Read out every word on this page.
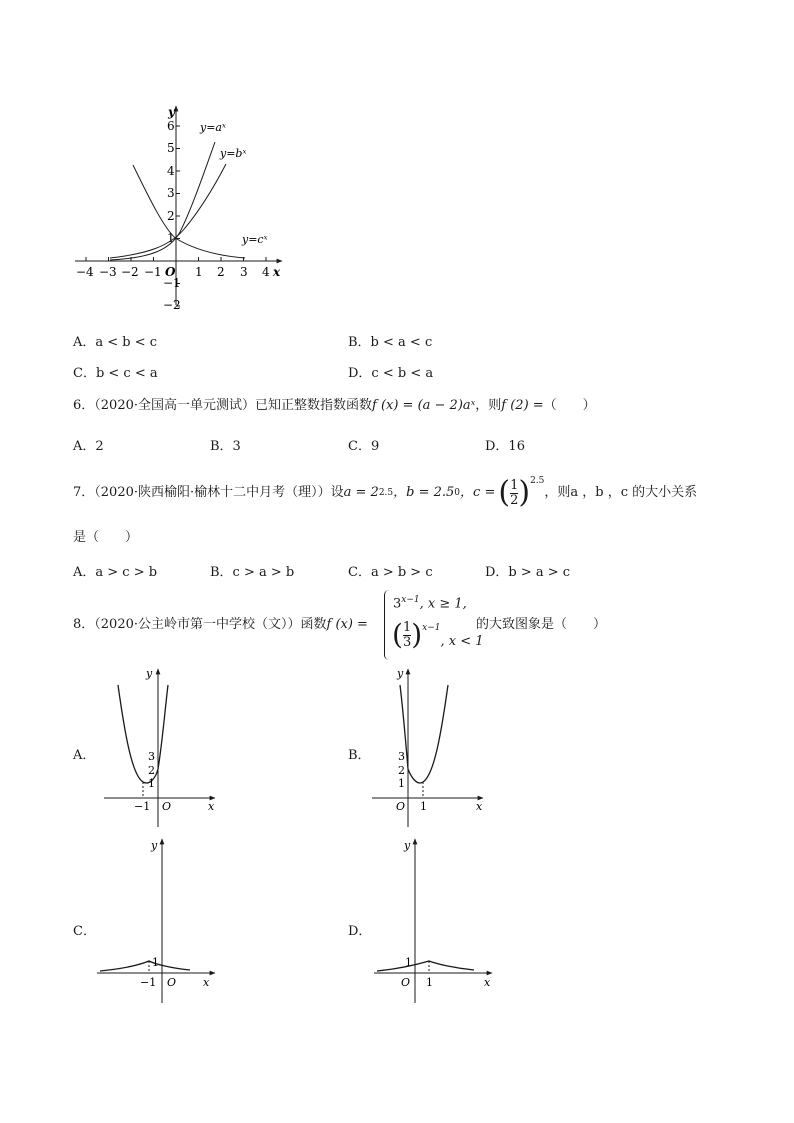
−4 −3 −2 −1	1 2 3 4
O	x
y
6
5
4
3
2
1
−1
−2
y=aˣ
y=bˣ
y=cˣ
A．a < b < c	B．b < a < c
C．b < c < a	D．c < b < a
6．（2020·全国高一单元测试）已知正整数指数函数f (x) = (a − 2)aˣ，则f (2) =（　　）
A．2	B．3	C．9	D．16
7．（2020·陕西榆阳·榆林十二中月考（理））设 a = 2 2.5 ，b = 2.5 0 ，c = ( $\frac{1}{2} )^{2.5}$
，则a ，b ，c 的大小关系
是（　　）
A．a > c > b	B．c > a > b	C．a > b > c	D．b > a > c
8．（2020·公主岭市第一中学校（文））函数f (x) =
$3^{x-1}$, x ≥ 1,
( $\frac{1}{3} )^{x-1}$
, x < 1
的大致图象是（　　）
A．	B．
C．	D．
y
3
2
1
−1 O	x
y
3
2
1
O 1	x
y
1
−1 O x
y
1
O 1	x
